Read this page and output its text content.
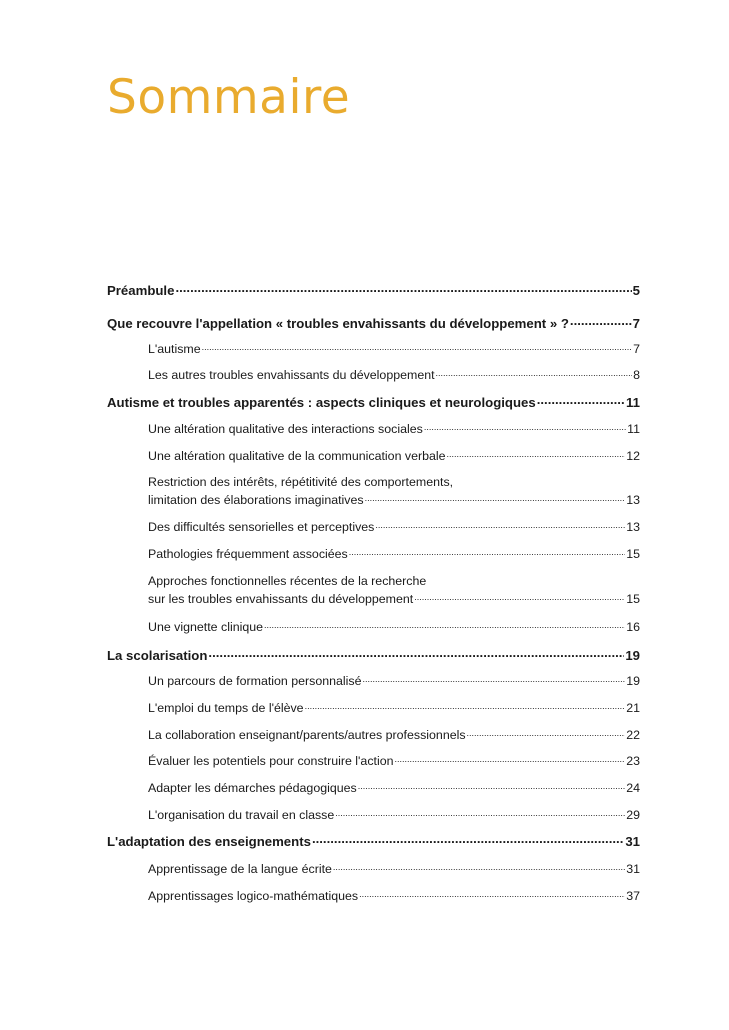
Sommaire
Préambule .....	5
Que recouvre l'appellation « troubles envahissants du développement » ? .....	7
L'autisme .....	7
Les autres troubles envahissants du développement .....	8
Autisme et troubles apparentés : aspects cliniques et neurologiques .....	11
Une altération qualitative des interactions sociales .....	11
Une altération qualitative de la communication verbale .....	12
Restriction des intérêts, répétitivité des comportements,
limitation des élaborations imaginatives .....	13
Des difficultés sensorielles et perceptives .....	13
Pathologies fréquemment associées .....	15
Approches fonctionnelles récentes de la recherche
sur les troubles envahissants du développement .....	15
Une vignette clinique .....	16
La scolarisation .....	19
Un parcours de formation personnalisé .....	19
L'emploi du temps de l'élève .....	21
La collaboration enseignant/parents/autres professionnels .....	22
Évaluer les potentiels pour construire l'action .....	23
Adapter les démarches pédagogiques .....	24
L'organisation du travail en classe .....	29
L'adaptation des enseignements .....	31
Apprentissage de la langue écrite .....	31
Apprentissages logico-mathématiques .....	37
